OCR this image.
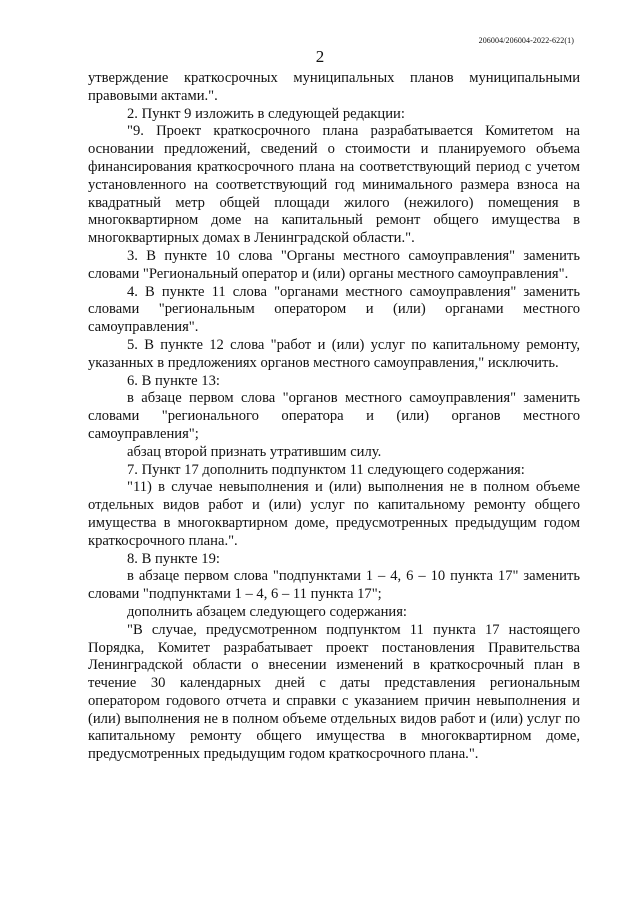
206004/206004-2022-622(1)
2

утверждение краткосрочных муниципальных планов муниципальными правовыми актами.".

2. Пункт 9 изложить в следующей редакции:

"9. Проект краткосрочного плана разрабатывается Комитетом на основании предложений, сведений о стоимости и планируемого объема финансирования краткосрочного плана на соответствующий период с учетом установленного на соответствующий год минимального размера взноса на квадратный метр общей площади жилого (нежилого) помещения в многоквартирном доме на капитальный ремонт общего имущества в многоквартирных домах в Ленинградской области.".

3. В пункте 10 слова "Органы местного самоуправления" заменить словами "Региональный оператор и (или) органы местного самоуправления".

4. В пункте 11 слова "органами местного самоуправления" заменить словами "региональным оператором и (или) органами местного самоуправления".

5. В пункте 12 слова "работ и (или) услуг по капитальному ремонту, указанных в предложениях органов местного самоуправления," исключить.

6. В пункте 13:

в абзаце первом слова "органов местного самоуправления" заменить словами "регионального оператора и (или) органов местного самоуправления";

абзац второй признать утратившим силу.

7. Пункт 17 дополнить подпунктом 11 следующего содержания:

"11) в случае невыполнения и (или) выполнения не в полном объеме отдельных видов работ и (или) услуг по капитальному ремонту общего имущества в многоквартирном доме, предусмотренных предыдущим годом краткосрочного плана.".

8. В пункте 19:

в абзаце первом слова "подпунктами 1 – 4, 6 – 10 пункта 17" заменить словами "подпунктами 1 – 4, 6 – 11 пункта 17";

дополнить абзацем следующего содержания:

"В случае, предусмотренном подпунктом 11 пункта 17 настоящего Порядка, Комитет разрабатывает проект постановления Правительства Ленинградской области о внесении изменений в краткосрочный план в течение 30 календарных дней с даты представления региональным оператором годового отчета и справки с указанием причин невыполнения и (или) выполнения не в полном объеме отдельных видов работ и (или) услуг по капитальному ремонту общего имущества в многоквартирном доме, предусмотренных предыдущим годом краткосрочного плана.".
